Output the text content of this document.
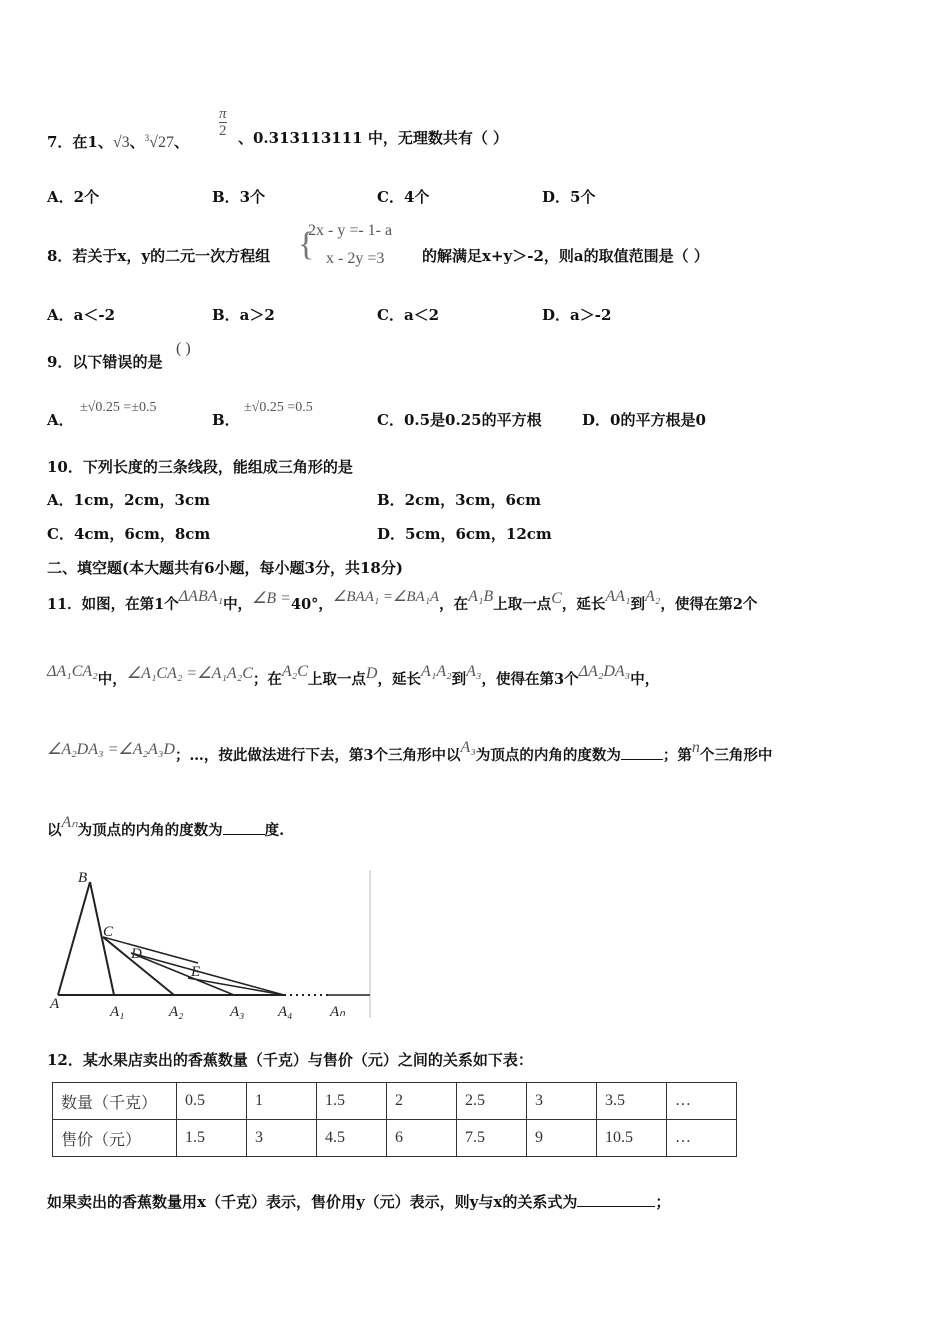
7．在1、√3、$^3$√27、
$\frac{\pi}{2}$ 、0.313113111 中，无理数共有（ ）
A．2个	B．3个	C．4个	D．5个
8．若关于x，y的二元一次方程组 {
2x - y =- 1- a
x - 2y =3	的解满足x+y＞-2，则a的取值范围是（ ）
A．a＜-2	B．a＞2	C．a＜2	D．a＞-2
9．以下错误的是
( )
A．
±√0.25 =±0.5
B．
±√0.25 =0.5
C．0.5是0.25的平方根	D．0的平方根是0
10．下列长度的三条线段，能组成三角形的是
A．1cm，2cm，3cm	B．2cm，3cm，6cm
C．4cm，6cm，8cm	D．5cm，6cm，12cm
二、填空题(本大题共有6小题，每小题3分，共18分)
11．如图，在第1个ΔABA₁中，∠B =40°，∠BAA₁ =∠BA₁A，在A₁B上取一点C，延长AA₁到A₂，使得在第2个
ΔA₁CA₂中，∠A₁CA₂ =∠A₁A₂C；在A₂C上取一点D，延长A₁A₂到A₃，使得在第3个ΔA₂DA₃中，
∠A₂DA₃ =∠A₂A₃D；…，按此做法进行下去，第3个三角形中以A₃为顶点的内角的度数为	；第n个三角形中
以Aₙ为顶点的内角的度数为	度.
B
C
D
E
A	A₁	A₂	A₃ A₄	Aₙ
12．某水果店卖出的香蕉数量（千克）与售价（元）之间的关系如下表：
数量（千克）	0.5	1	1.5	2	2.5	3	3.5	…
售价（元）	1.5	3	4.5	6	7.5	9	10.5	…
如果卖出的香蕉数量用x（千克）表示，售价用y（元）表示，则y与x的关系式为	；
